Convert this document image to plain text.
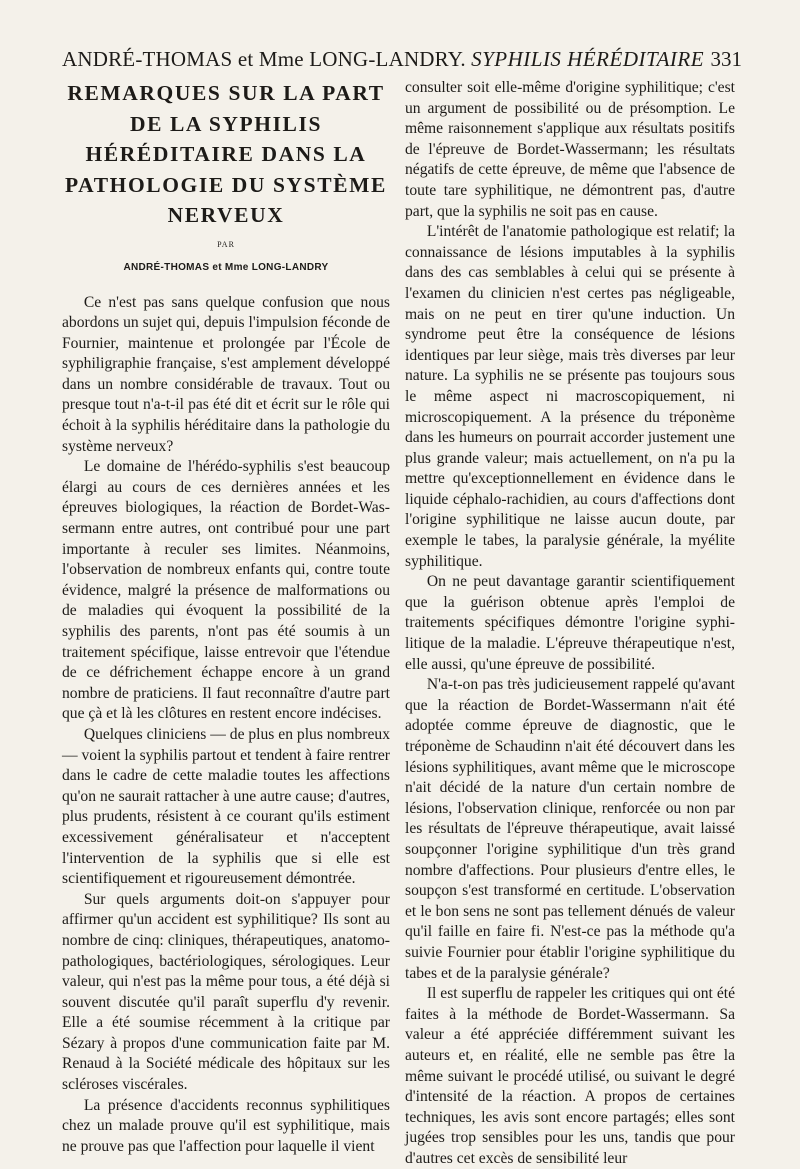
ANDRÉ-THOMAS et Mme LONG-LANDRY. SYPHILIS HÉRÉDITAIRE 331
REMARQUES SUR LA PART
DE LA SYPHILIS
HÉRÉDITAIRE DANS LA
PATHOLOGIE DU SYSTÈME
NERVEUX
PAR
ANDRÉ-THOMAS et Mme LONG-LANDRY

Ce n'est pas sans quelque confusion que nous abordons un sujet qui, depuis l'impulsion féconde de Fournier, maintenue et prolongée par l'École de syphiligraphie française, s'est amplement développé dans un nombre considérable de travaux. Tout ou presque tout n'a-t-il pas été dit et écrit sur le rôle qui échoit à la syphilis héréditaire dans la pathologie du système nerveux?

Le domaine de l'hérédo-syphilis s'est beaucoup élargi au cours de ces dernières années et les épreuves biologiques, la réaction de Bordet-Wassermann entre autres, ont contribué pour une part importante à reculer ses limites. Néanmoins, l'observation de nombreux enfants qui, contre toute évidence, malgré la présence de malformations ou de maladies qui évoquent la possibilité de la syphilis des parents, n'ont pas été soumis à un traitement spécifique, laisse entrevoir que l'étendue de ce défrichement échappe encore à un grand nombre de praticiens. Il faut reconnaître d'autre part que çà et là les clôtures en restent encore indécises.

Quelques cliniciens — de plus en plus nombreux — voient la syphilis partout et tendent à faire rentrer dans le cadre de cette maladie toutes les affections qu'on ne saurait rattacher à une autre cause; d'autres, plus prudents, résistent à ce courant qu'ils estiment excessivement généralisateur et n'acceptent l'intervention de la syphilis que si elle est scientifiquement et rigoureusement démontrée.

Sur quels arguments doit-on s'appuyer pour affirmer qu'un accident est syphilitique? Ils sont au nombre de cinq: cliniques, thérapeutiques, anatomo-pathologiques, bactériologiques, sérologiques. Leur valeur, qui n'est pas la même pour tous, a été déjà si souvent discutée qu'il paraît superflu d'y revenir. Elle a été soumise récemment à la critique par Sézary à propos d'une communication faite par M. Renaud à la Société médicale des hôpitaux sur les scléroses viscérales.

La présence d'accidents reconnus syphilitiques chez un malade prouve qu'il est syphilitique, mais ne prouve pas que l'affection pour laquelle il vient

consulter soit elle-même d'origine syphilitique; c'est un argument de possibilité ou de présomption. Le même raisonnement s'applique aux résultats positifs de l'épreuve de Bordet-Wassermann; les résultats négatifs de cette épreuve, de même que l'absence de toute tare syphilitique, ne démontrent pas, d'autre part, que la syphilis ne soit pas en cause.

L'intérêt de l'anatomie pathologique est relatif; la connaissance de lésions imputables à la syphilis dans des cas semblables à celui qui se présente à l'examen du clinicien n'est certes pas négligeable, mais on ne peut en tirer qu'une induction. Un syndrome peut être la conséquence de lésions identiques par leur siège, mais très diverses par leur nature. La syphilis ne se présente pas toujours sous le même aspect ni macroscopiquement, ni microscopiquement. A la présence du tréponème dans les humeurs on pourrait accorder justement une plus grande valeur; mais actuellement, on n'a pu la mettre qu'exceptionnellement en évidence dans le liquide céphalo-rachidien, au cours d'affections dont l'origine syphilitique ne laisse aucun doute, par exemple le tabes, la paralysie générale, la myélite syphilitique.

On ne peut davantage garantir scientifiquement que la guérison obtenue après l'emploi de traitements spécifiques démontre l'origine syphilitique de la maladie. L'épreuve thérapeutique n'est, elle aussi, qu'une épreuve de possibilité.

N'a-t-on pas très judicieusement rappelé qu'avant que la réaction de Bordet-Wassermann n'ait été adoptée comme épreuve de diagnostic, que le tréponème de Schaudinn n'ait été découvert dans les lésions syphilitiques, avant même que le microscope n'ait décidé de la nature d'un certain nombre de lésions, l'observation clinique, renforcée ou non par les résultats de l'épreuve thérapeutique, avait laissé soupçonner l'origine syphilitique d'un très grand nombre d'affections. Pour plusieurs d'entre elles, le soupçon s'est transformé en certitude. L'observation et le bon sens ne sont pas tellement dénués de valeur qu'il faille en faire fi. N'est-ce pas la méthode qu'a suivie Fournier pour établir l'origine syphilitique du tabes et de la paralysie générale?

Il est superflu de rappeler les critiques qui ont été faites à la méthode de Bordet-Wassermann. Sa valeur a été appréciée différemment suivant les auteurs et, en réalité, elle ne semble pas être la même suivant le procédé utilisé, ou suivant le degré d'intensité de la réaction. A propos de certaines techniques, les avis sont encore partagés; elles sont jugées trop sensibles pour les uns, tandis que pour d'autres cet excès de sensibilité leur
